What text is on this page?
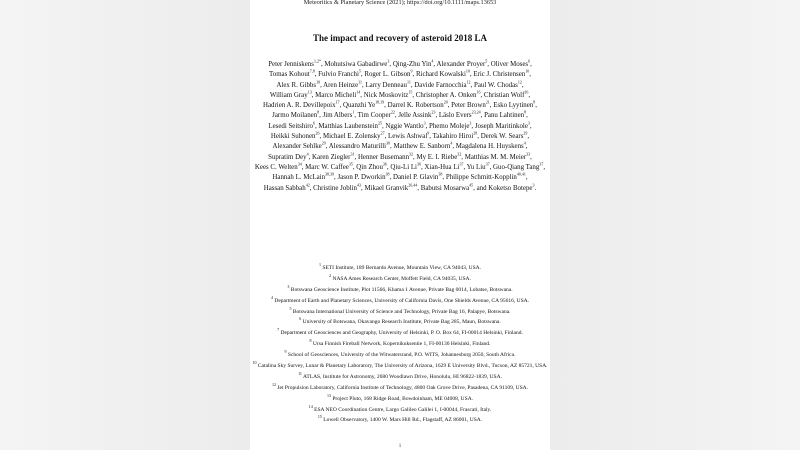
Meteoritics & Planetary Science (2021); https://doi.org/10.1111/maps.13653
The impact and recovery of asteroid 2018 LA

Peter Jenniskens$^{1,2*}$, Mohutsiwa Gabadirwe$^3$, Qing-Zhu Yin$^4$, Alexander Proyer$^5$, Oliver Moses$^6$, Tomas Kohout$^{7,8}$, Fulvio Franchi$^5$, Roger L. Gibson$^9$, Richard Kowalski$^{10}$, Eric J. Christensen$^{10}$, Alex R. Gibbs$^{10}$, Aren Heinze$^{11}$, Larry Denneau$^{11}$, Davide Farnocchia$^{12}$, Paul W. Chodas$^{12}$, William Gray$^{13}$, Marco Micheli$^{14}$, Nick Moskovitz$^{15}$, Christopher A. Onken$^{16}$, Christian Wolf$^{16}$, Hadrien A. R. Devillepoix$^{17}$, Quanzhi Ye$^{18,19}$, Darrel K. Robertson$^{20}$, Peter Brown$^{21}$, Esko Lyytinen$^8$, Jarmo Moilanen$^8$, Jim Albers$^1$, Tim Cooper$^{22}$, Jelle Assink$^{23}$, Läslo Evers$^{23,24}$, Panu Lahtinen$^8$, Lesedi Seitshiro$^6$, Matthias Laubenstein$^{25}$, Nggie Wantlo$^3$, Phemo Moleje$^3$, Joseph Maritinkole$^3$, Heikki Suhonen$^{26}$, Michael E. Zolensky$^{27}$, Lewis Ashwal$^9$, Takahiro Hiroi$^{28}$, Derek W. Sears$^{29}$, Alexander Sehlke$^{29}$, Alessandro Maturilli$^{30}$, Matthew E. Sanborn$^4$, Magdalena H. Huyskens$^4$, Supratim Dey$^4$, Karen Ziegler$^{31}$, Henner Busemann$^{32}$, My E. I. Riebe$^{32}$, Matthias M. M. Meier$^{33}$, Kees C. Welten$^{34}$, Marc W. Caffee$^{35}$, Qin Zhou$^{36}$, Qiu-Li Li$^{36}$, Xian-Hua Li$^{37}$, Yu Liu$^{37}$, Guo-Qiang Tang$^{37}$, Hannah L. McLain$^{38,39}$, Jason P. Dworkin$^{38}$, Daniel P. Glavin$^{38}$, Philippe Schmitt-Kopplin$^{40,41}$, Hassan Sabbah$^{42}$, Christine Joblin$^{43}$, Mikael Granvik$^{26,44}$, Babutsi Mosarwa$^{45}$, and Koketso Botepe$^3$.

$^1$ SETI Institute, 189 Bernardo Avenue, Mountain View, CA 94043, USA.
$^2$ NASA Ames Research Center, Moffett Field, CA 94035, USA.
$^3$ Botswana Geoscience Institute, Plot 11566, Khama 1 Avenue, Private Bag 0014, Lobatse, Botswana.
$^4$ Department of Earth and Planetary Sciences, University of California Davis, One Shields Avenue, CA 95616, USA.
$^5$ Botswana International University of Science and Technology, Private Bag 16, Palapye, Botswana.
$^6$ University of Botswana, Okavango Research Institute, Private Bag 285, Maun, Botswana.
$^7$ Department of Geosciences and Geography, University of Helsinki, P. O. Box 64, FI-00014 Helsinki, Finland.
$^8$ Ursa Finnish Fireball Network, Kopernikuksentie 1, FI-00130 Helsinki, Finland.
$^9$ School of Geosciences, University of the Witwatersrand, P.O. WITS, Johannesburg 2050, South Africa.
$^{10}$ Catalina Sky Survey, Lunar & Planetary Laboratory, The University of Arizona, 1629 E University Blvd., Tucson, AZ 85721, USA.
$^{11}$ ATLAS, Institute for Astronomy, 2680 Woodlawn Drive, Honolulu, HI 96822-1839, USA.
$^{12}$ Jet Propulsion Laboratory, California Institute of Technology, 4800 Oak Grove Drive, Pasadena, CA 91109, USA.
$^{13}$ Project Pluto, 168 Ridge Road, Bowdoinham, ME 04008, USA.
$^{14}$ ESA NEO Coordination Centre, Largo Galileo Galilei 1, I-00044, Frascati, Italy.
$^{15}$ Lowell Observatory, 1400 W. Mars Hill Rd., Flagstaff, AZ 86001, USA.
1
